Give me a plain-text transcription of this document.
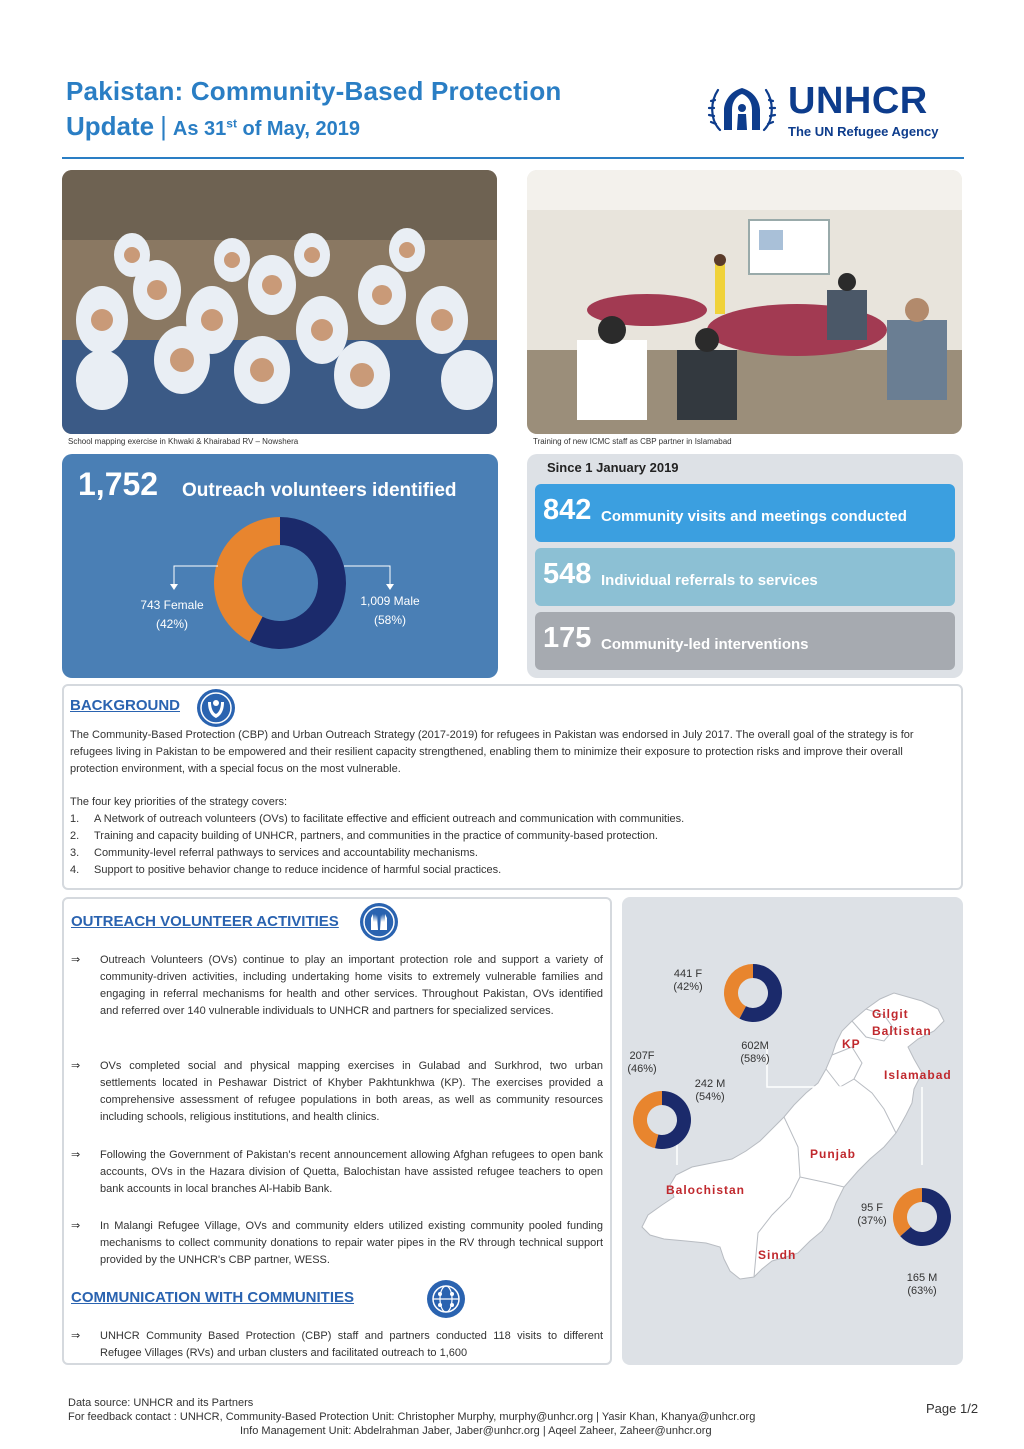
Pakistan: Community-Based Protection
Update | As 31st of May, 2019
UNHCR
The UN Refugee Agency
School mapping exercise in Khwaki & Khairabad RV – Nowshera	Training of new ICMC staff as CBP partner in Islamabad
1,752 Outreach volunteers identified
743 Female
(42%)
1,009 Male
(58%)
Since 1 January 2019
842 Community visits and meetings conducted
548 Individual referrals to services
175 Community-led interventions
BACKGROUND
The Community-Based Protection (CBP) and Urban Outreach Strategy (2017-2019) for refugees in Pakistan was endorsed in July 2017. The overall goal of the strategy is for refugees living in Pakistan to be empowered and their resilient capacity strengthened, enabling them to minimize their exposure to protection risks and improve their overall protection environment, with a special focus on the most vulnerable.
The four key priorities of the strategy covers:
1. A Network of outreach volunteers (OVs) to facilitate effective and efficient outreach and communication with communities.
2. Training and capacity building of UNHCR, partners, and communities in the practice of community-based protection.
3. Community-level referral pathways to services and accountability mechanisms.
4. Support to positive behavior change to reduce incidence of harmful social practices.
OUTREACH VOLUNTEER ACTIVITIES
⇒ Outreach Volunteers (OVs) continue to play an important protection role and support a variety of community-driven activities, including undertaking home visits to extremely vulnerable families and engaging in referral mechanisms for health and other services. Throughout Pakistan, OVs identified and referred over 140 vulnerable individuals to UNHCR and partners for specialized services.
⇒ OVs completed social and physical mapping exercises in Gulabad and Surkhrod, two urban settlements located in Peshawar District of Khyber Pakhtunkhwa (KP). The exercises provided a comprehensive assessment of refugee populations in both areas, as well as community resources including schools, religious institutions, and health clinics.
⇒ Following the Government of Pakistan's recent announcement allowing Afghan refugees to open bank accounts, OVs in the Hazara division of Quetta, Balochistan have assisted refugee teachers to open bank accounts in local branches Al-Habib Bank.
⇒ In Malangi Refugee Village, OVs and community elders utilized existing community pooled funding mechanisms to collect community donations to repair water pipes in the RV through technical support provided by the UNHCR's CBP partner, WESS.
COMMUNICATION WITH COMMUNITIES
⇒ UNHCR Community Based Protection (CBP) staff and partners conducted 118 visits to different Refugee Villages (RVs) and urban clusters and facilitated outreach to 1,600
441 F
(42%)
602M
(58%)
207F
(46%)
242 M
(54%)
95 F
(37%)
165 M
(63%)
Gilgit
Baltistan
KP
Islamabad
Punjab
Balochistan
Sindh
Data source: UNHCR and its Partners
For feedback contact : UNHCR, Community-Based Protection Unit: Christopher Murphy, murphy@unhcr.org | Yasir Khan, Khanya@unhcr.org
Info Management Unit: Abdelrahman Jaber, Jaber@unhcr.org | Aqeel Zaheer, Zaheer@unhcr.org
Page 1/2
